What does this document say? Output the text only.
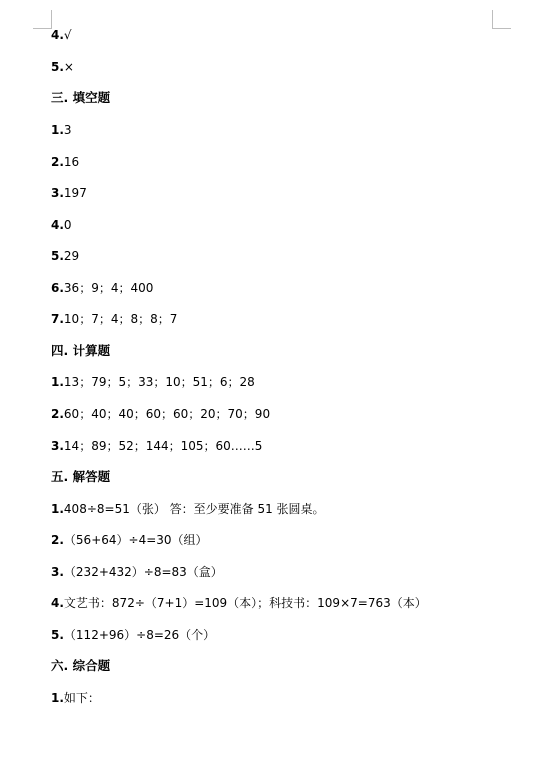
4.√
5.×
三. 填空题
1.3
2.16
3.197
4.0
5.29
6.36；9；4；400
7.10；7；4；8；8；7
四. 计算题
1.13；79；5；33；10；51；6；28
2.60；40；40；60；60；20；70；90
3.14；89；52；144；105；60……5
五. 解答题
1.408÷8=51（张） 答：至少要准备 51 张圆桌。
2.（56+64）÷4=30（组）
3.（232+432）÷8=83（盒）
4.文艺书：872÷（7+1）=109（本）；科技书：109×7=763（本）
5.（112+96）÷8=26（个）
六. 综合题
1.如下：
